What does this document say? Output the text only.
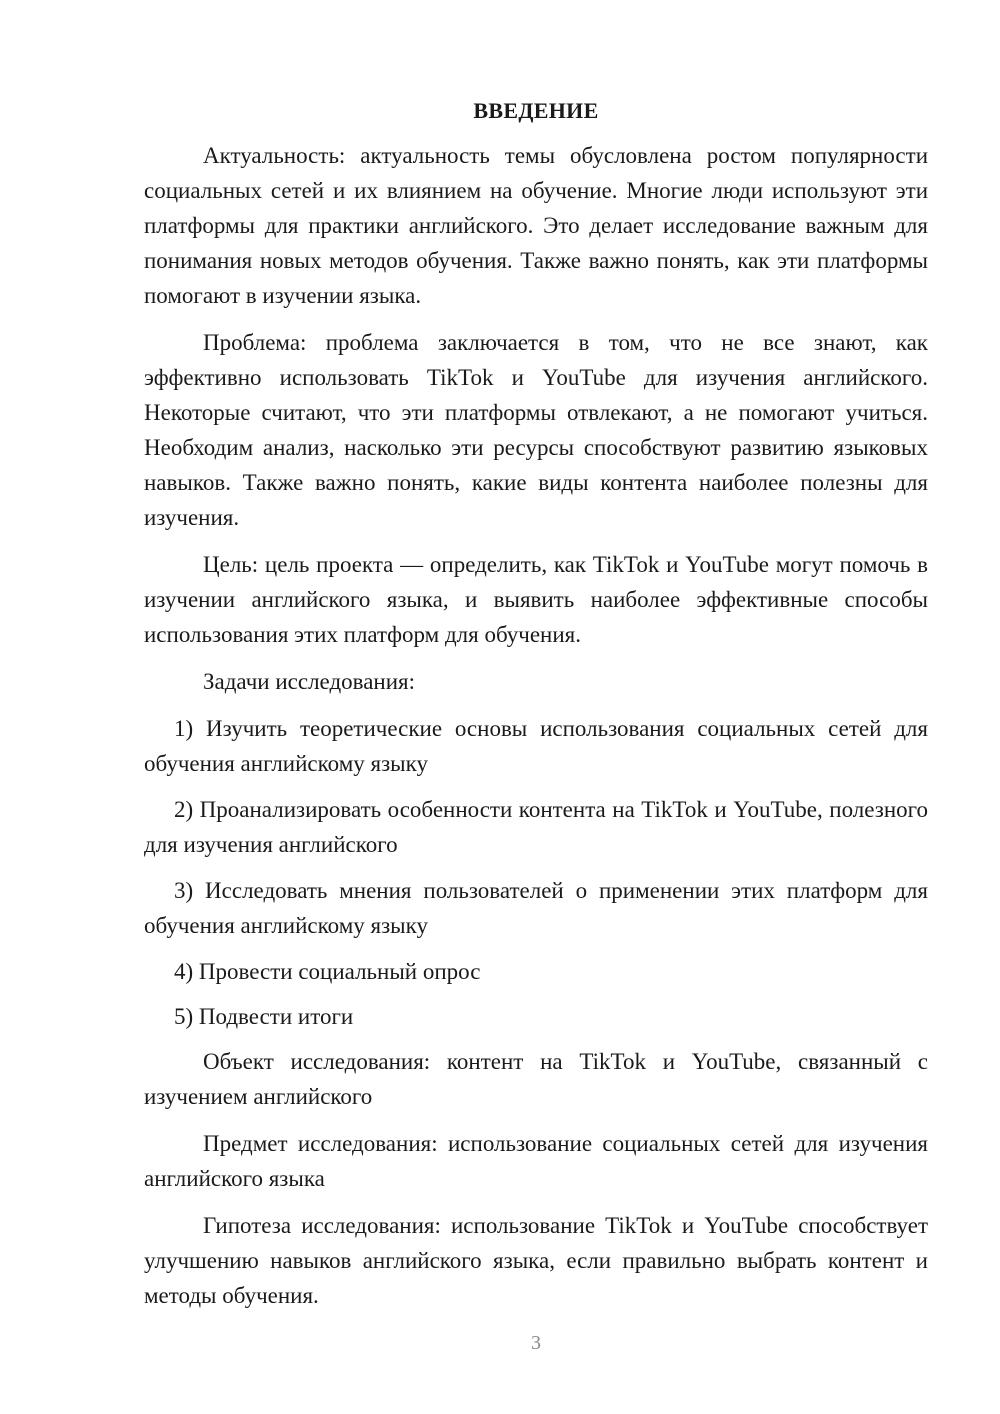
ВВЕДЕНИЕ

Актуальность: актуальность темы обусловлена ростом популярности социальных сетей и их влиянием на обучение. Многие люди используют эти платформы для практики английского. Это делает исследование важным для понимания новых методов обучения. Также важно понять, как эти платформы помогают в изучении языка.

Проблема: проблема заключается в том, что не все знают, как эффективно использовать TikTok и YouTube для изучения английского. Некоторые считают, что эти платформы отвлекают, а не помогают учиться. Необходим анализ, насколько эти ресурсы способствуют развитию языковых навыков. Также важно понять, какие виды контента наиболее полезны для изучения.

Цель: цель проекта — определить, как TikTok и YouTube могут помочь в изучении английского языка, и выявить наиболее эффективные способы использования этих платформ для обучения.

Задачи исследования:

1) Изучить теоретические основы использования социальных сетей для обучения английскому языку

2) Проанализировать особенности контента на TikTok и YouTube, полезного для изучения английского

3) Исследовать мнения пользователей о применении этих платформ для обучения английскому языку

4) Провести социальный опрос

5) Подвести итоги

Объект исследования: контент на TikTok и YouTube, связанный с изучением английского

Предмет исследования: использование социальных сетей для изучения английского языка

Гипотеза исследования: использование TikTok и YouTube способствует улучшению навыков английского языка, если правильно выбрать контент и методы обучения.

3
